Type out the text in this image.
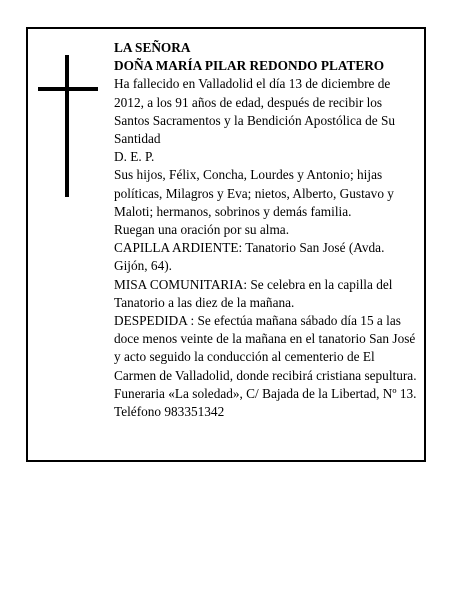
LA SEÑORA

DOÑA MARÍA PILAR REDONDO PLATERO

Ha fallecido en Valladolid el día 13 de diciembre de 2012, a los 91 años de edad, después de recibir los Santos Sacramentos y la Bendición Apostólica de Su Santidad

D. E. P.

Sus hijos, Félix, Concha, Lourdes y Antonio; hijas políticas, Milagros y Eva; nietos, Alberto, Gustavo y Maloti; hermanos, sobrinos y demás familia.

Ruegan una oración por su alma.

CAPILLA ARDIENTE: Tanatorio San José (Avda. Gijón, 64).

MISA COMUNITARIA: Se celebra en la capilla del Tanatorio a las diez de la mañana.

DESPEDIDA : Se efectúa mañana sábado día 15 a las doce menos veinte de la mañana en el tanatorio San José y acto seguido la conducción al cementerio de El Carmen de Valladolid, donde recibirá cristiana sepultura.

Funeraria «La soledad», C/ Bajada de la Libertad, Nº 13.

Teléfono 983351342
